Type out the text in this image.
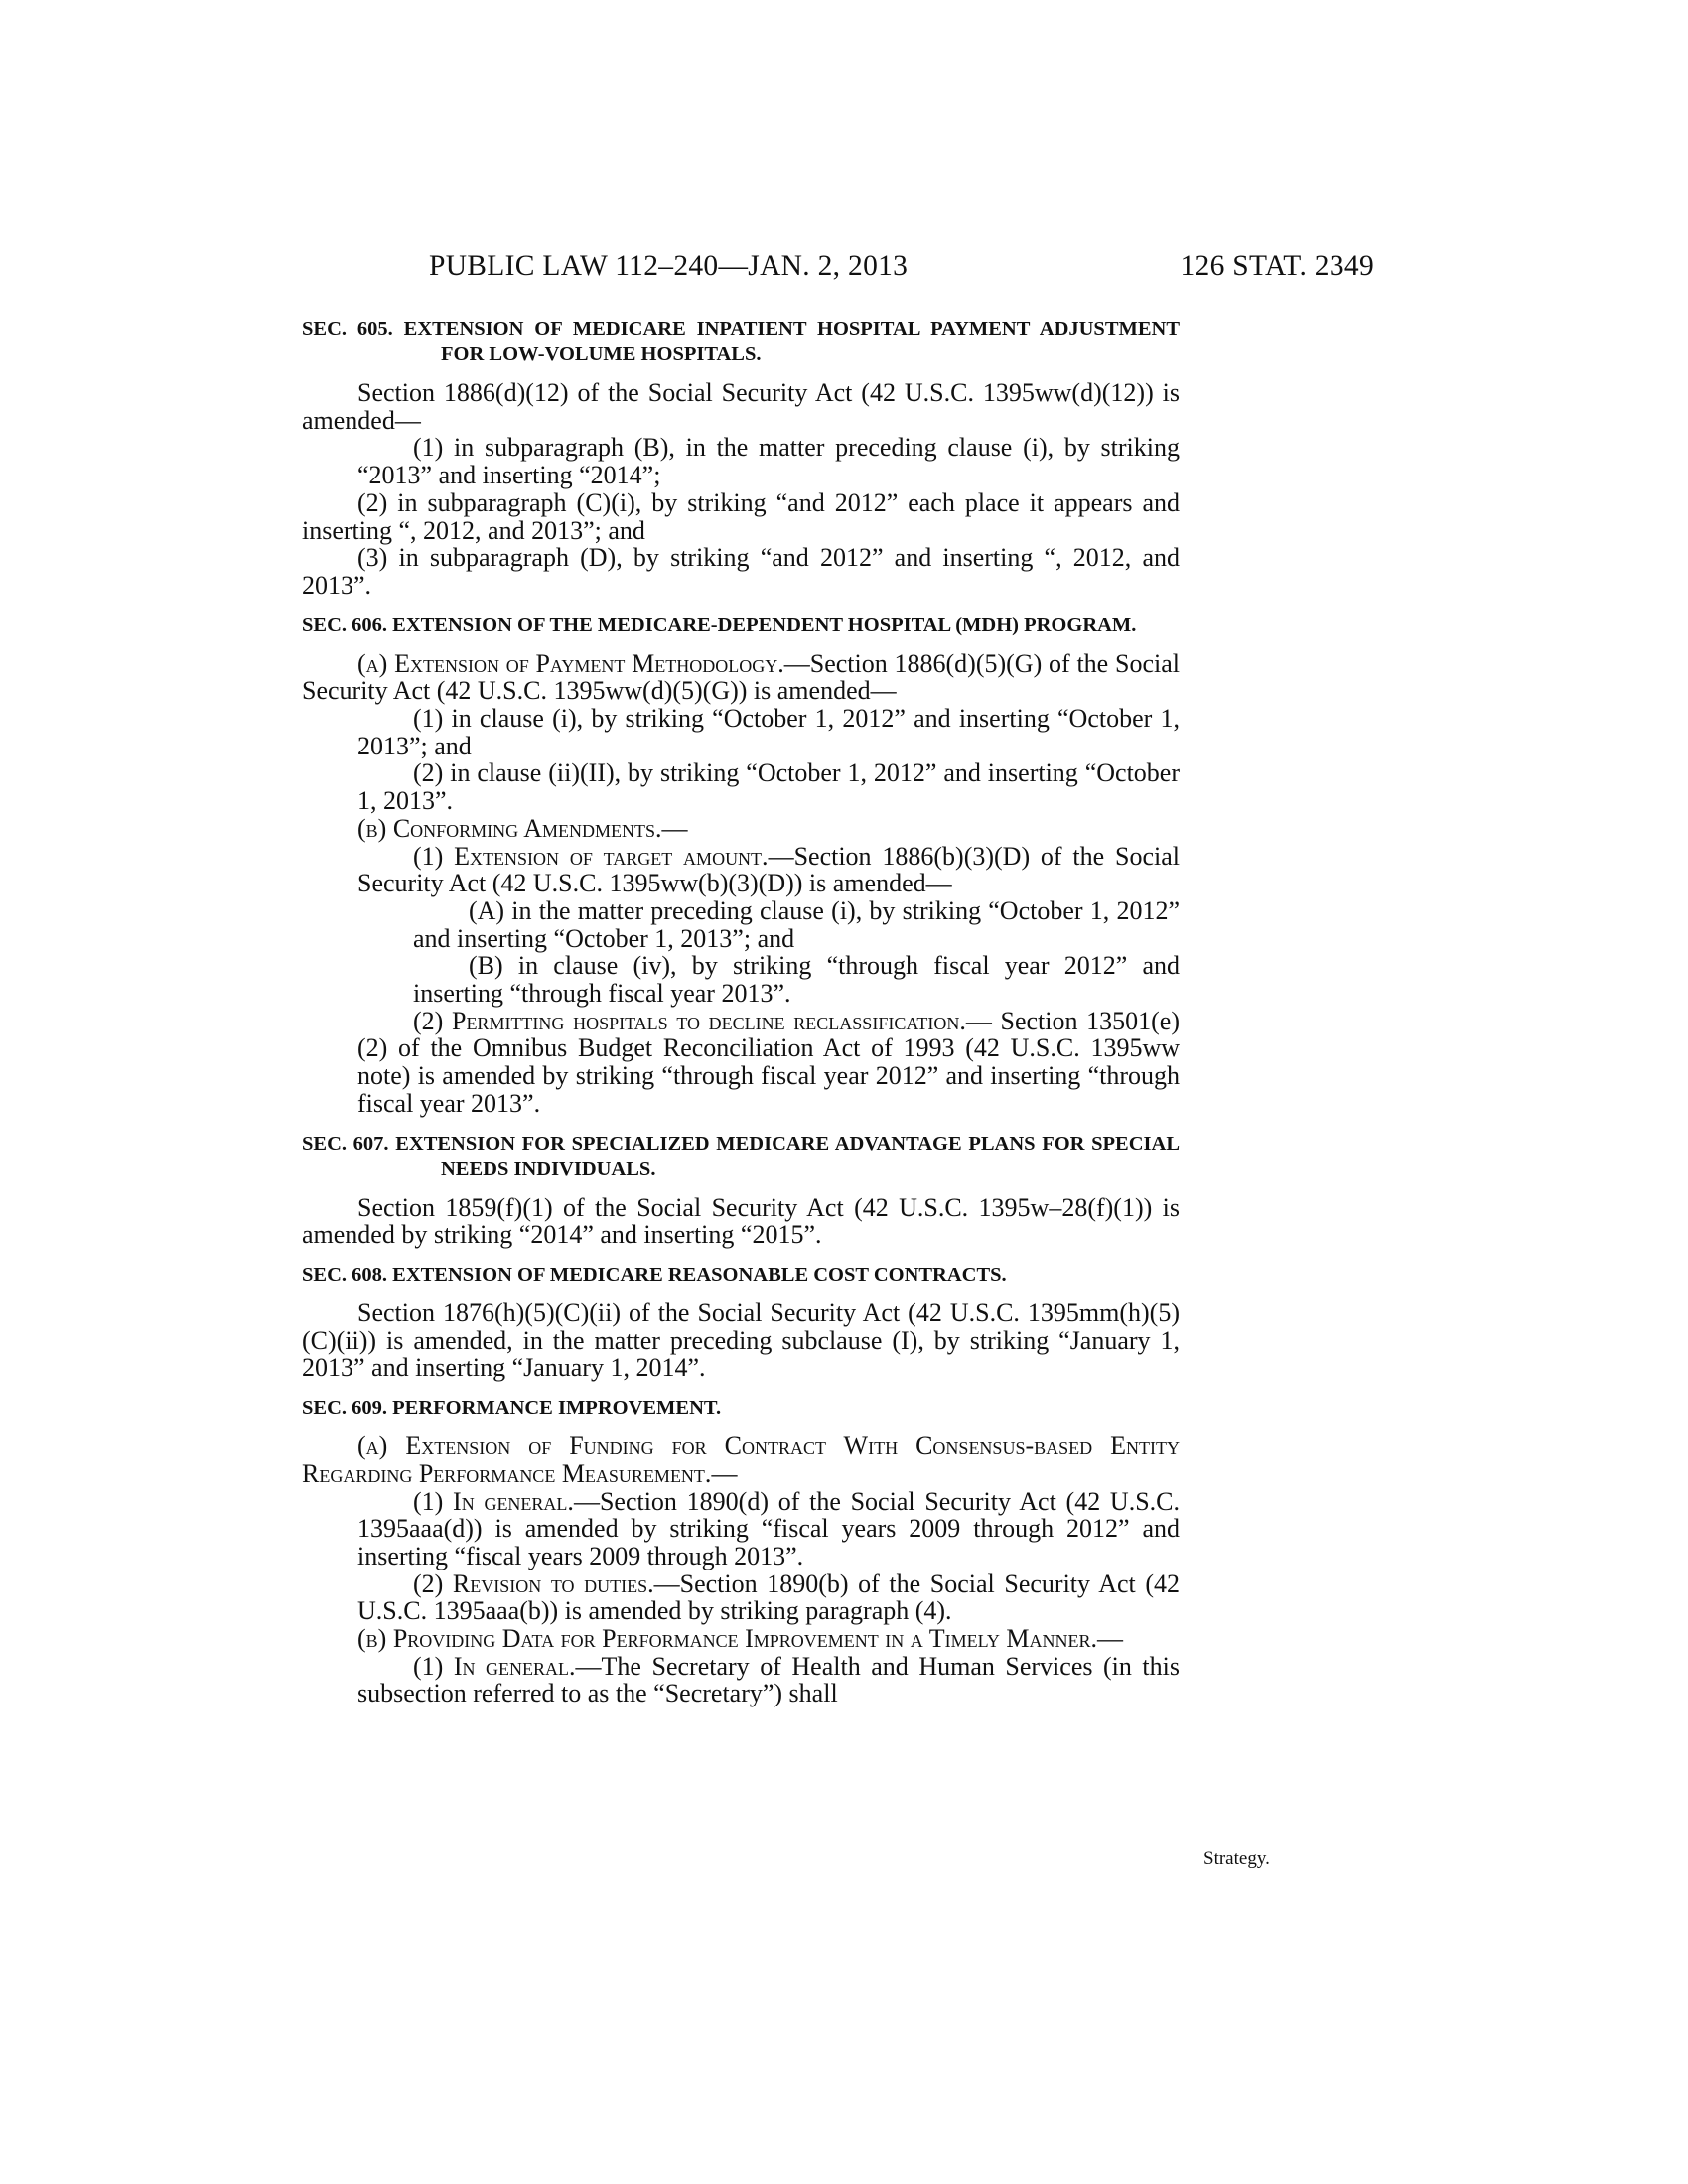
PUBLIC LAW 112–240—JAN. 2, 2013	126 STAT. 2349

SEC. 605. EXTENSION OF MEDICARE INPATIENT HOSPITAL PAYMENT ADJUSTMENT FOR LOW-VOLUME HOSPITALS.

Section 1886(d)(12) of the Social Security Act (42 U.S.C. 1395ww(d)(12)) is amended—

(1) in subparagraph (B), in the matter preceding clause (i), by striking “2013” and inserting “2014”;

(2) in subparagraph (C)(i), by striking “and 2012” each place it appears and inserting “, 2012, and 2013”; and

(3) in subparagraph (D), by striking “and 2012” and inserting “, 2012, and 2013”.

SEC. 606. EXTENSION OF THE MEDICARE-DEPENDENT HOSPITAL (MDH) PROGRAM.

(a) Extension of Payment Methodology.—Section 1886(d)(5)(G) of the Social Security Act (42 U.S.C. 1395ww(d)(5)(G)) is amended—

(1) in clause (i), by striking “October 1, 2012” and inserting “October 1, 2013”; and

(2) in clause (ii)(II), by striking “October 1, 2012” and inserting “October 1, 2013”.

(b) Conforming Amendments.—

(1) Extension of target amount.—Section 1886(b)(3)(D) of the Social Security Act (42 U.S.C. 1395ww(b)(3)(D)) is amended—

(A) in the matter preceding clause (i), by striking “October 1, 2012” and inserting “October 1, 2013”; and

(B) in clause (iv), by striking “through fiscal year 2012” and inserting “through fiscal year 2013”.

(2) Permitting hospitals to decline reclassification.— Section 13501(e)(2) of the Omnibus Budget Reconciliation Act of 1993 (42 U.S.C. 1395ww note) is amended by striking “through fiscal year 2012” and inserting “through fiscal year 2013”.

SEC. 607. EXTENSION FOR SPECIALIZED MEDICARE ADVANTAGE PLANS FOR SPECIAL NEEDS INDIVIDUALS.

Section 1859(f)(1) of the Social Security Act (42 U.S.C. 1395w–28(f)(1)) is amended by striking “2014” and inserting “2015”.

SEC. 608. EXTENSION OF MEDICARE REASONABLE COST CONTRACTS.

Section 1876(h)(5)(C)(ii) of the Social Security Act (42 U.S.C. 1395mm(h)(5)(C)(ii)) is amended, in the matter preceding subclause (I), by striking “January 1, 2013” and inserting “January 1, 2014”.

SEC. 609. PERFORMANCE IMPROVEMENT.

(a) Extension of Funding for Contract With Consensus-based Entity Regarding Performance Measurement.—

(1) In general.—Section 1890(d) of the Social Security Act (42 U.S.C. 1395aaa(d)) is amended by striking “fiscal years 2009 through 2012” and inserting “fiscal years 2009 through 2013”.

(2) Revision to duties.—Section 1890(b) of the Social Security Act (42 U.S.C. 1395aaa(b)) is amended by striking paragraph (4).

(b) Providing Data for Performance Improvement in a Timely Manner.—

(1) In general.—The Secretary of Health and Human Services (in this subsection referred to as the “Secretary”) shall

Strategy.
